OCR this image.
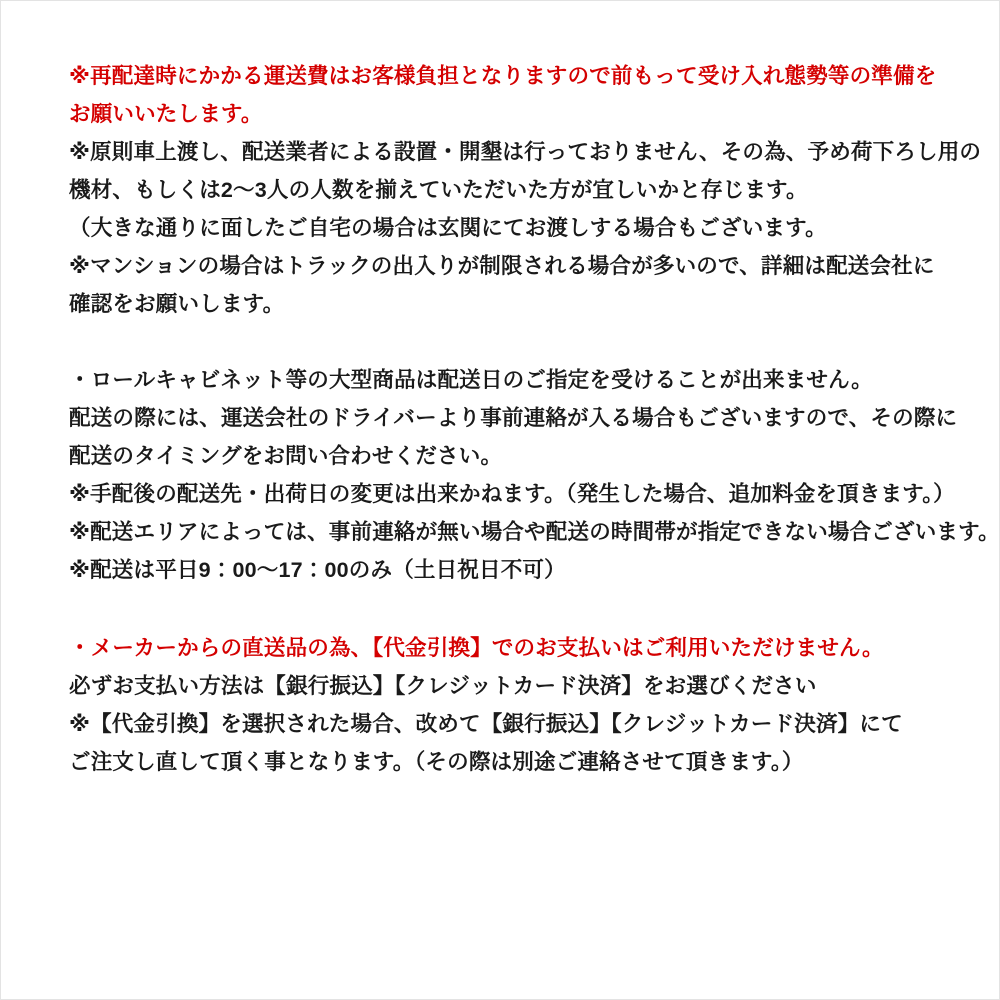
※再配達時にかかる運送費はお客様負担となりますので前もって受け入れ態勢等の準備を
お願いいたします。
※原則車上渡し、配送業者による設置・開墾は行っておりません、その為、予め荷下ろし用の
機材、もしくは2〜3人の人数を揃えていただいた方が宜しいかと存じます。
（大きな通りに面したご自宅の場合は玄関にてお渡しする場合もございます。
※マンションの場合はトラックの出入りが制限される場合が多いので、詳細は配送会社に
確認をお願いします。
・ロールキャビネット等の大型商品は配送日のご指定を受けることが出来ません。
配送の際には、運送会社のドライバーより事前連絡が入る場合もございますので、その際に
配送のタイミングをお問い合わせください。
※手配後の配送先・出荷日の変更は出来かねます。（発生した場合、追加料金を頂きます。）
※配送エリアによっては、事前連絡が無い場合や配送の時間帯が指定できない場合ございます。
※配送は平日9：00〜17：00のみ（土日祝日不可）
・メーカーからの直送品の為、【代金引換】でのお支払いはご利用いただけません。
必ずお支払い方法は【銀行振込】【クレジットカード決済】をお選びください
※【代金引換】を選択された場合、改めて【銀行振込】【クレジットカード決済】にて
ご注文し直して頂く事となります。（その際は別途ご連絡させて頂きます。）
